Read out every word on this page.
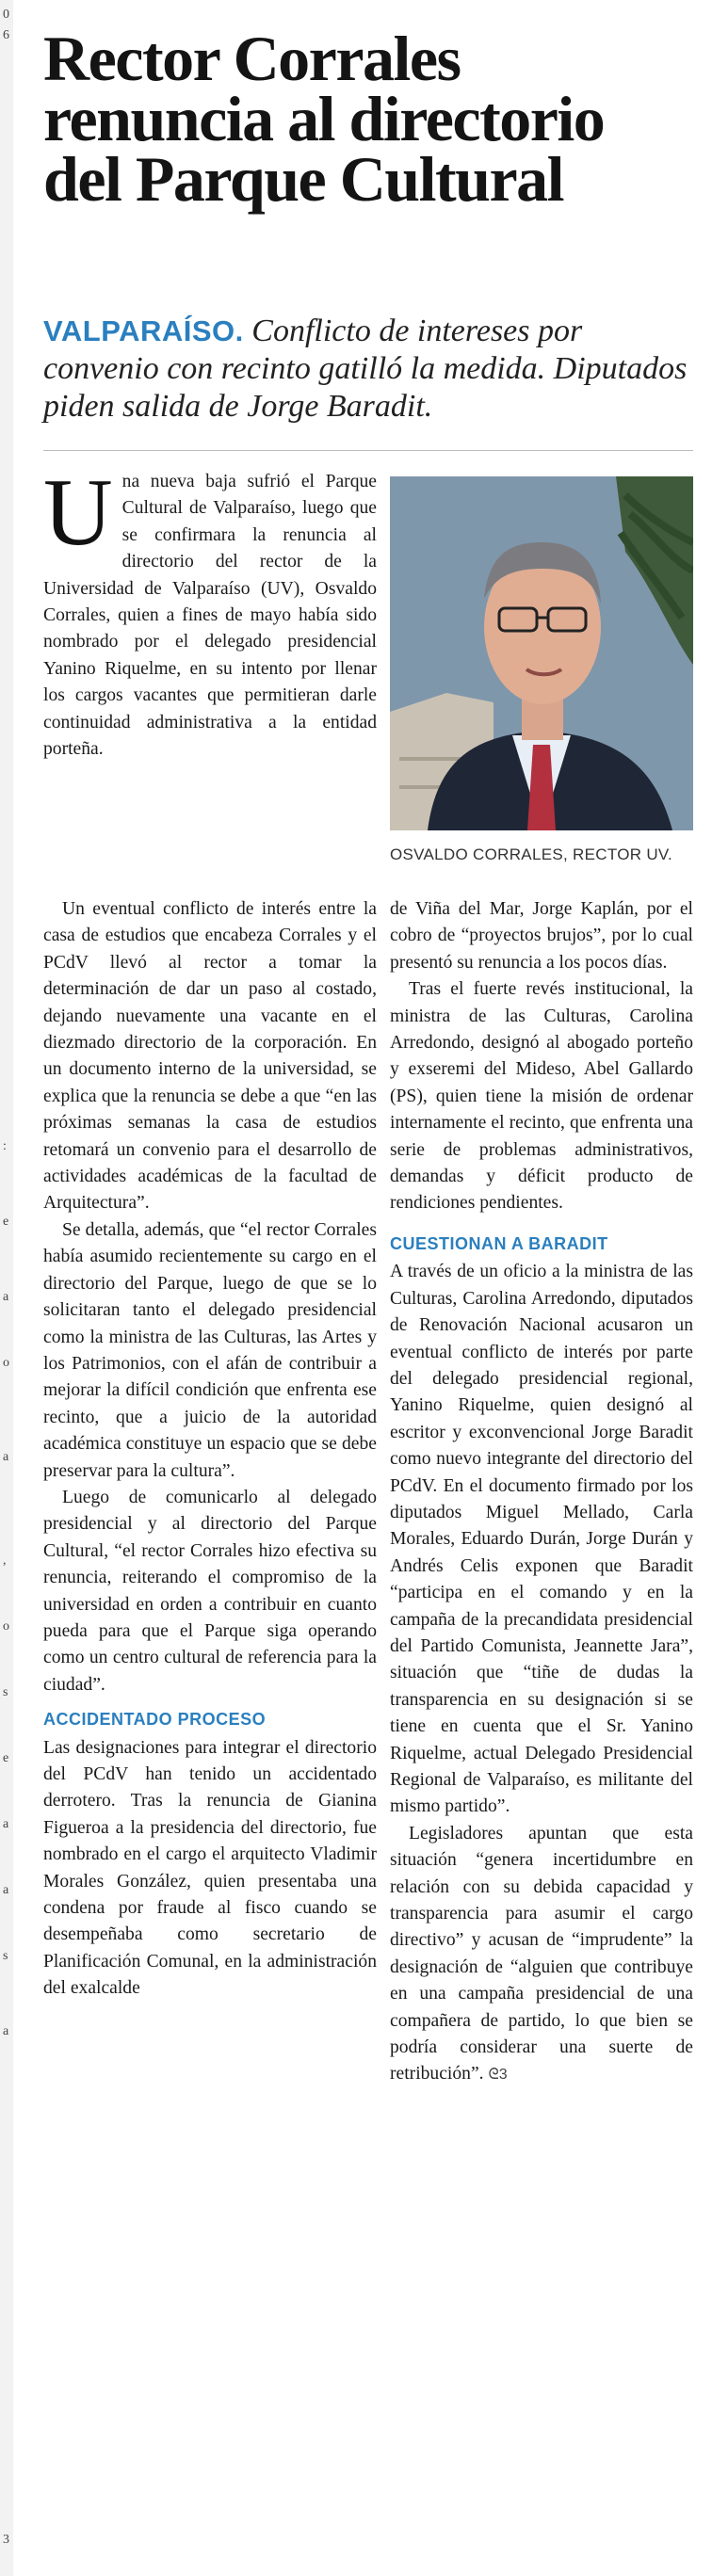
0
6
:
e
a
o
a
,
o
s
e
a
a
s
a
3
Rector Corrales
renuncia al directorio
del Parque Cultural
VALPARAÍSO. Conflicto de intereses por convenio con recinto gatilló la medida. Diputados piden salida de Jorge Baradit.
OSVALDO CORRALES, RECTOR UV.

U na nueva baja sufrió el Parque Cultural de Valparaíso, luego que se confirmara la renuncia al directorio del rector de la Universidad de Valparaíso (UV), Osvaldo Corrales, quien a fines de mayo había sido nombrado por el delegado presidencial Yanino Riquelme, en su intento por llenar los cargos vacantes que permitieran darle continuidad administrativa a la entidad porteña.

Un eventual conflicto de interés entre la casa de estudios que encabeza Corrales y el PCdV llevó al rector a tomar la determinación de dar un paso al costado, dejando nuevamente una vacante en el diezmado directorio de la corporación. En un documento interno de la universidad, se explica que la renuncia se debe a que “en las próximas semanas la casa de estudios retomará un convenio para el desarrollo de actividades académicas de la facultad de Arquitectura”.

Se detalla, además, que “el rector Corrales había asumido recientemente su cargo en el directorio del Parque, luego de que se lo solicitaran tanto el delegado presidencial como la ministra de las Culturas, las Artes y los Patrimonios, con el afán de contribuir a mejorar la difícil condición que enfrenta ese recinto, que a juicio de la autoridad académica constituye un espacio que se debe preservar para la cultura”.

Luego de comunicarlo al delegado presidencial y al directorio del Parque Cultural, “el rector Corrales hizo efectiva su renuncia, reiterando el compromiso de la universidad en orden a contribuir en cuanto pueda para que el Parque siga operando como un centro cultural de referencia para la ciudad”.

ACCIDENTADO PROCESO

Las designaciones para integrar el directorio del PCdV han tenido un accidentado derrotero. Tras la renuncia de Gianina Figueroa a la presidencia del directorio, fue nombrado en el cargo el arquitecto Vladimir Morales González, quien presentaba una condena por fraude al fisco cuando se desempeñaba como secretario de Planificación Comunal, en la administración del exalcalde

de Viña del Mar, Jorge Kaplán, por el cobro de “proyectos brujos”, por lo cual presentó su renuncia a los pocos días.

Tras el fuerte revés institucional, la ministra de las Culturas, Carolina Arredondo, designó al abogado porteño y exseremi del Mideso, Abel Gallardo (PS), quien tiene la misión de ordenar internamente el recinto, que enfrenta una serie de problemas administrativos, demandas y déficit producto de rendiciones pendientes.

CUESTIONAN A BARADIT

A través de un oficio a la ministra de las Culturas, Carolina Arredondo, diputados de Renovación Nacional acusaron un eventual conflicto de interés por parte del delegado presidencial regional, Yanino Riquelme, quien designó al escritor y exconvencional Jorge Baradit como nuevo integrante del directorio del PCdV. En el documento firmado por los diputados Miguel Mellado, Carla Morales, Eduardo Durán, Jorge Durán y Andrés Celis exponen que Baradit “participa en el comando y en la campaña de la precandidata presidencial del Partido Comunista, Jeannette Jara”, situación que “tiñe de dudas la transparencia en su designación si se tiene en cuenta que el Sr. Yanino Riquelme, actual Delegado Presidencial Regional de Valparaíso, es militante del mismo partido”.

Legisladores apuntan que esta situación “genera incertidumbre en relación con su debida capacidad y transparencia para asumir el cargo directivo” y acusan de “imprudente” la designación de “alguien que contribuye en una campaña presidencial de una compañera de partido, lo que bien se podría considerar una suerte de retribución”. ᘓ3
